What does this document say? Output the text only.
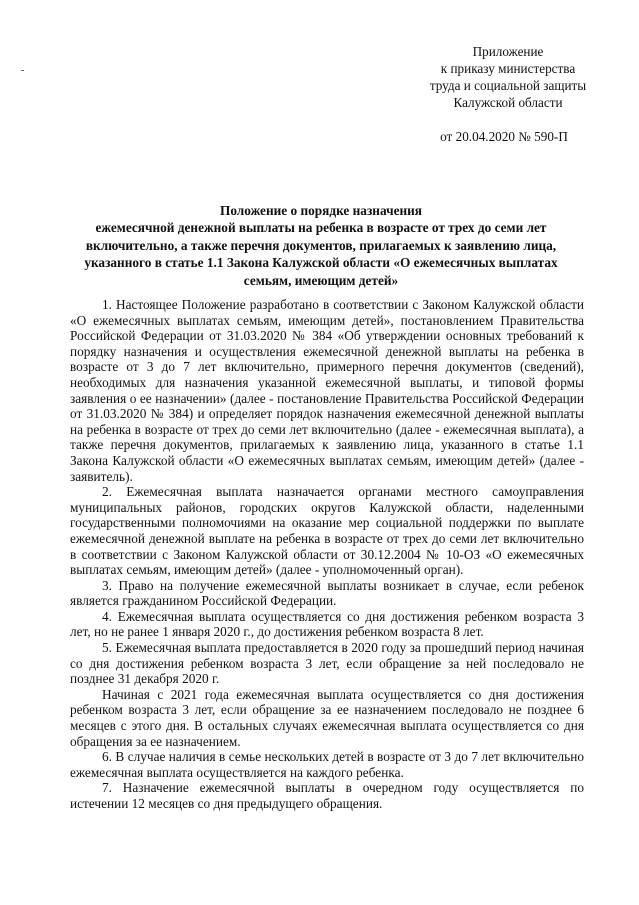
Приложение
к приказу министерства
труда и социальной защиты
Калужской области
от 20.04.2020 № 590-П
Положение о порядке назначения
ежемесячной денежной выплаты на ребенка в возрасте от трех до семи лет
включительно, а также перечня документов, прилагаемых к заявлению лица,
указанного в статье 1.1 Закона Калужской области «О ежемесячных выплатах
семьям, имеющим детей»

1. Настоящее Положение разработано в соответствии с Законом Калужской области «О ежемесячных выплатах семьям, имеющим детей», постановлением Правительства Российской Федерации от 31.03.2020 № 384 «Об утверждении основных требований к порядку назначения и осуществления ежемесячной денежной выплаты на ребенка в возрасте от 3 до 7 лет включительно, примерного перечня документов (сведений), необходимых для назначения указанной ежемесячной выплаты, и типовой формы заявления о ее назначении» (далее - постановление Правительства Российской Федерации от 31.03.2020 № 384) и определяет порядок назначения ежемесячной денежной выплаты на ребенка в возрасте от трех до семи лет включительно (далее - ежемесячная выплата), а также перечня документов, прилагаемых к заявлению лица, указанного в статье 1.1 Закона Калужской области «О ежемесячных выплатах семьям, имеющим детей» (далее - заявитель).

2. Ежемесячная выплата назначается органами местного самоуправления муниципальных районов, городских округов Калужской области, наделенными государственными полномочиями на оказание мер социальной поддержки по выплате ежемесячной денежной выплате на ребенка в возрасте от трех до семи лет включительно в соответствии с Законом Калужской области от 30.12.2004 № 10-ОЗ «О ежемесячных выплатах семьям, имеющим детей» (далее - уполномоченный орган).

3. Право на получение ежемесячной выплаты возникает в случае, если ребенок является гражданином Российской Федерации.

4. Ежемесячная выплата осуществляется со дня достижения ребенком возраста 3 лет, но не ранее 1 января 2020 г., до достижения ребенком возраста 8 лет.

5. Ежемесячная выплата предоставляется в 2020 году за прошедший период начиная со дня достижения ребенком возраста 3 лет, если обращение за ней последовало не позднее 31 декабря 2020 г.

Начиная с 2021 года ежемесячная выплата осуществляется со дня достижения ребенком возраста 3 лет, если обращение за ее назначением последовало не позднее 6 месяцев с этого дня. В остальных случаях ежемесячная выплата осуществляется со дня обращения за ее назначением.

6. В случае наличия в семье нескольких детей в возрасте от 3 до 7 лет включительно ежемесячная выплата осуществляется на каждого ребенка.

7. Назначение ежемесячной выплаты в очередном году осуществляется по истечении 12 месяцев со дня предыдущего обращения.
